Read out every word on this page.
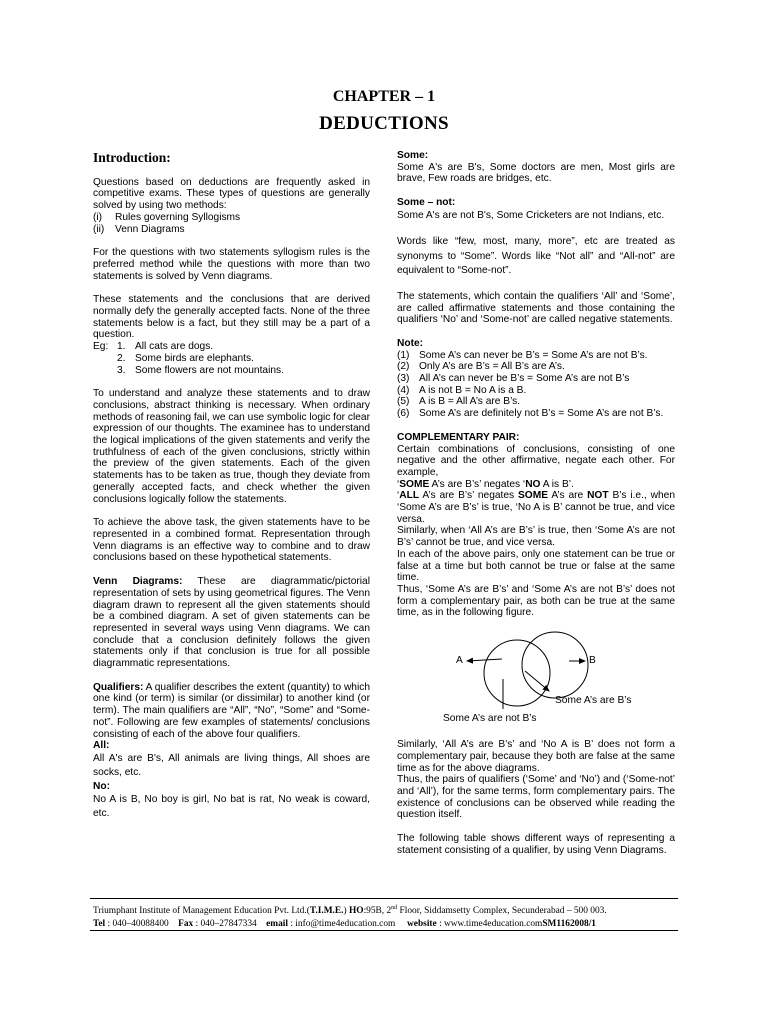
CHAPTER – 1
DEDUCTIONS
Introduction:

Questions based on deductions are frequently asked in competitive exams. These types of questions are generally solved by using two methods:

(i)	Rules governing Syllogisms
(ii)	Venn Diagrams

For the questions with two statements syllogism rules is the preferred method while the questions with more than two statements is solved by Venn diagrams.

These statements and the conclusions that are derived normally defy the generally accepted facts. None of the three statements below is a fact, but they still may be a part of a question.

Eg: 1. All cats are dogs.
2. Some birds are elephants.
3. Some flowers are not mountains.

To understand and analyze these statements and to draw conclusions, abstract thinking is necessary. When ordinary methods of reasoning fail, we can use symbolic logic for clear expression of our thoughts. The examinee has to understand the logical implications of the given statements and verify the truthfulness of each of the given conclusions, strictly within the preview of the given statements. Each of the given statements has to be taken as true, though they deviate from generally accepted facts, and check whether the given conclusions logically follow the statements.

To achieve the above task, the given statements have to be represented in a combined format. Representation through Venn diagrams is an effective way to combine and to draw conclusions based on these hypothetical statements.

Venn Diagrams: These are diagrammatic/pictorial representation of sets by using geometrical figures. The Venn diagram drawn to represent all the given statements should be a combined diagram. A set of given statements can be represented in several ways using Venn diagrams. We can conclude that a conclusion definitely follows the given statements only if that conclusion is true for all possible diagrammatic representations.

Qualifiers: A qualifier describes the extent (quantity) to which one kind (or term) is similar (or dissimilar) to another kind (or term). The main qualifiers are “All”, “No”, “Some” and “Some-not”. Following are few examples of statements/ conclusions consisting of each of the above four qualifiers.

All:

All A's are B's, All animals are living things, All shoes are socks, etc.

No:

No A is B, No boy is girl, No bat is rat, No weak is coward, etc.

Some:

Some A's are B's, Some doctors are men, Most girls are brave, Few roads are bridges, etc.

Some – not:

Some A's are not B's, Some Cricketers are not Indians, etc.

Words like “few, most, many, more”, etc are treated as synonyms to “Some”. Words like “Not all” and “All-not” are equivalent to “Some-not”.

The statements, which contain the qualifiers ‘All’ and ‘Some’, are called affirmative statements and those containing the qualifiers ‘No’ and ‘Some-not’ are called negative statements.

Note:

(1) Some A’s can never be B’s = Some A’s are not B’s.
(2) Only A’s are B’s = All B’s are A’s.
(3) All A’s can never be B’s = Some A’s are not B’s
(4) A is not B = No A is a B.
(5) A is B = All A’s are B’s.
(6) Some A’s are definitely not B’s = Some A’s are not B’s.

COMPLEMENTARY PAIR:

Certain combinations of conclusions, consisting of one negative and the other affirmative, negate each other. For example,

‘SOME A’s are B’s’ negates ‘NO A is B’.

‘ALL A’s are B’s’ negates SOME A’s are NOT B’s i.e., when ‘Some A’s are B’s’ is true, ‘No A is B’ cannot be true, and vice versa.

Similarly, when ‘All A’s are B’s’ is true, then ‘Some A’s are not B’s’ cannot be true, and vice versa.

In each of the above pairs, only one statement can be true or false at a time but both cannot be true or false at the same time.

Thus, ‘Some A’s are B’s’ and ‘Some A’s are not B’s’ does not form a complementary pair, as both can be true at the same time, as in the following figure.

A	B
Some A’s are B’s
Some A’s are not B’s

Similarly, ‘All A’s are B’s’ and ‘No A is B’ does not form a complementary pair, because they both are false at the same time as for the above diagrams.

Thus, the pairs of qualifiers (‘Some’ and ‘No’) and (‘Some-not’ and ‘All’), for the same terms, form complementary pairs. The existence of conclusions can be observed while reading the question itself.

The following table shows different ways of representing a statement consisting of a qualifier, by using Venn Diagrams.

Triumphant Institute of Management Education Pvt. Ltd.(T.I.M.E.) HO:95B, 2nd Floor, Siddamsetty Complex, Secunderabad – 500 003.
Tel : 040–40088400 Fax : 040–27847334 email : info@time4education.com website : www.time4education.comSM1162008/1
